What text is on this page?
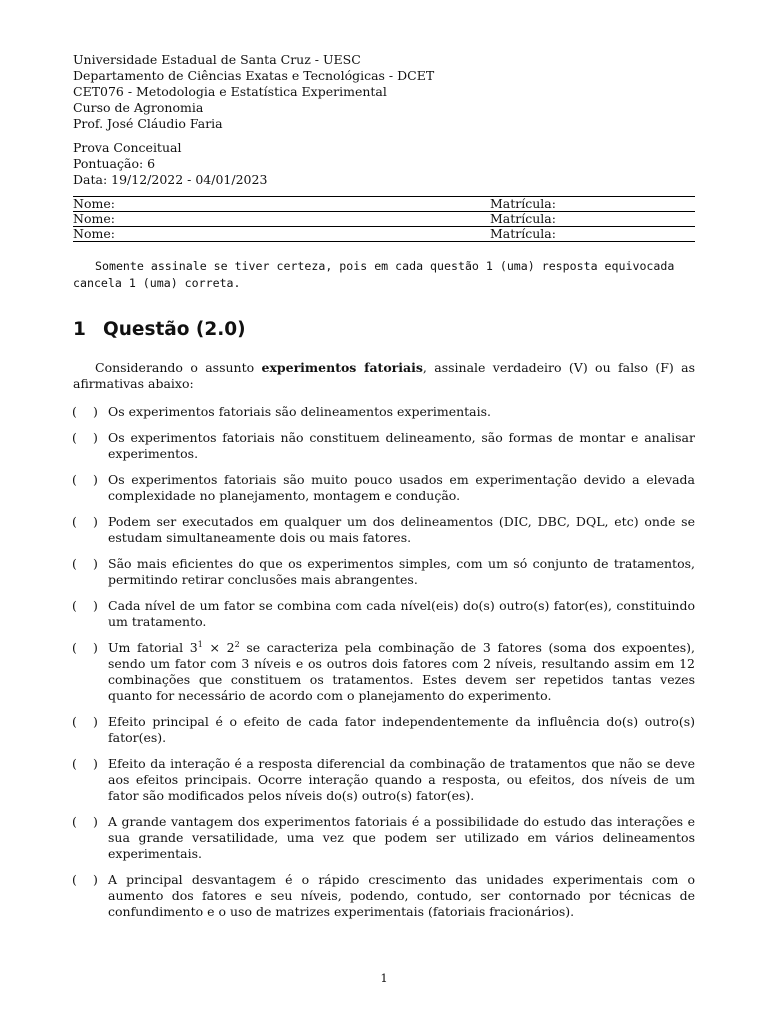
Universidade Estadual de Santa Cruz - UESC

Departamento de Ciências Exatas e Tecnológicas - DCET

CET076 - Metodologia e Estatística Experimental

Curso de Agronomia

Prof. José Cláudio Faria

Prova Conceitual

Pontuação: 6

Data: 19/12/2022 - 04/01/2023

Nome:	Matrícula:
Nome:	Matrícula:
Nome:	Matrícula:

Somente assinale se tiver certeza, pois em cada questão 1 (uma) resposta equivocada cancela 1 (uma) correta.

1 Questão (2.0)

Considerando o assunto experimentos fatoriais, assinale verdadeiro (V) ou falso (F) as afirmativas abaixo:

( ) Os experimentos fatoriais são delineamentos experimentais.
( ) Os experimentos fatoriais não constituem delineamento, são formas de montar e analisar experimentos.
( ) Os experimentos fatoriais são muito pouco usados em experimentação devido a elevada complexidade no planejamento, montagem e condução.
( ) Podem ser executados em qualquer um dos delineamentos (DIC, DBC, DQL, etc) onde se estudam simultaneamente dois ou mais fatores.
( ) São mais eficientes do que os experimentos simples, com um só conjunto de tratamentos, permitindo retirar conclusões mais abrangentes.
( ) Cada nível de um fator se combina com cada nível(eis) do(s) outro(s) fator(es), constituindo um tratamento.
( ) Um fatorial $3^1 \times 2^2$ se caracteriza pela combinação de 3 fatores (soma dos expoentes), sendo um fator com 3 níveis e os outros dois fatores com 2 níveis, resultando assim em 12 combinações que constituem os tratamentos. Estes devem ser repetidos tantas vezes quanto for necessário de acordo com o planejamento do experimento.
( ) Efeito principal é o efeito de cada fator independentemente da influência do(s) outro(s) fator(es).
( ) Efeito da interação é a resposta diferencial da combinação de tratamentos que não se deve aos efeitos principais. Ocorre interação quando a resposta, ou efeitos, dos níveis de um fator são modificados pelos níveis do(s) outro(s) fator(es).
( ) A grande vantagem dos experimentos fatoriais é a possibilidade do estudo das interações e sua grande versatilidade, uma vez que podem ser utilizado em vários delineamentos experimentais.
( ) A principal desvantagem é o rápido crescimento das unidades experimentais com o aumento dos fatores e seu níveis, podendo, contudo, ser contornado por técnicas de confundimento e o uso de matrizes experimentais (fatoriais fracionários).
1
